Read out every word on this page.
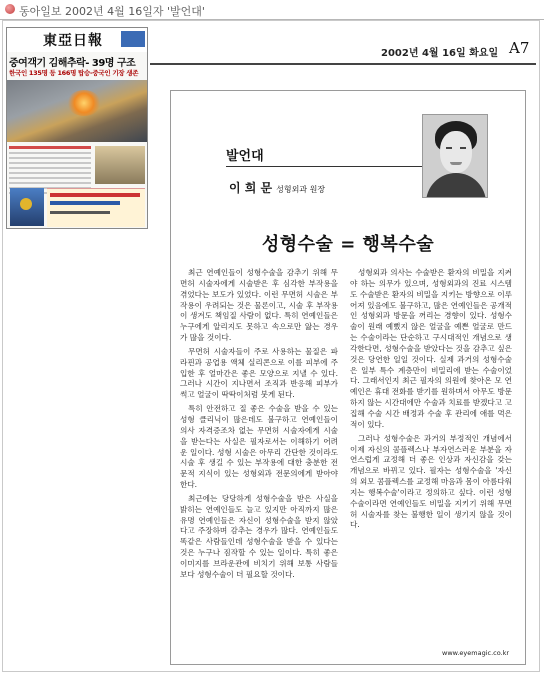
동아일보 2002년 4월 16일자 '발언대'
東亞日報
중여객기 김해추락- 39명 구조
한국인 135명 등 166명 탑승-중국인 기장 생존
2002년 4월 16일 화요일 A7
발언대
이 희 문 성형외과 원장
성형수술 = 행복수술

최근 연예인들이 성형수술을 감추기 위해 무면허 시술자에게 시술받은 후 심각한 부작용을 겪었다는 보도가 있었다. 이런 무면허 시술은 부작용이 우려되는 것은 물론이고, 시술 후 부작용이 생겨도 책임질 사람이 없다. 특히 연예인들은 누구에게 알리지도 못하고 속으로만 앓는 경우가 많을 것이다.

무면허 시술자들이 주로 사용하는 물질은 파라핀과 공업용 액체 실리콘으로 이를 피부에 주입한 후 얼마간은 좋은 모양으로 지낼 수 있다. 그러나 시간이 지나면서 조직과 반응해 피부가 썩고 얼굴이 딱딱이처럼 붓게 된다.

특히 안전하고 질 좋은 수술을 받을 수 있는 성형 클리닉이 많은데도 불구하고 연예인들이 의사 자격증조차 없는 무면허 시술자에게 시술을 받는다는 사실은 필자로서는 이해하기 어려운 일이다. 성형 시술은 아무리 간단한 것이라도 시술 후 생길 수 있는 부작용에 대한 충분한 전문적 지식이 있는 성형외과 전문의에게 받아야 한다.

최근에는 당당하게 성형수술을 받은 사실을 밝히는 연예인들도 늘고 있지만 아직까지 많은 유명 연예인들은 자신이 성형수술을 받지 않았다고 주장하며 감추는 경우가 많다. 연예인들도 똑같은 사람들인데 성형수술을 받을 수 있다는 것은 누구나 짐작할 수 있는 일이다. 특히 좋은 이미지를 브라운관에 비치기 위해 보통 사람들보다 성형수술이 더 필요할 것이다.

성형외과 의사는 수술받은 환자의 비밀을 지켜야 하는 의무가 있으며, 성형외과의 진료 시스템도 수술받은 환자의 비밀을 지키는 방향으로 이루어져 있음에도 불구하고, 많은 연예인들은 공개적인 성형외과 방문을 꺼리는 경향이 있다. 성형수술이 원래 예뻤지 않은 얼굴을 예쁜 얼굴로 만드는 수술이라는 단순하고 구시대적인 개념으로 생각한다면, 성형수술을 받았다는 것을 감추고 싶은 것은 당연한 일일 것이다. 실제 과거의 성형수술은 일부 특수 계층만이 비밀리에 받는 수술이었다. 그래서인지 최근 필자의 의원에 찾아온 모 연예인은 휴대 전화를 받기를 원하며서 아무도 방문하지 않는 시간대에만 수술과 치료를 받겠다고 고집해 수술 시간 배정과 수술 후 관리에 애를 먹은 적이 있다.

그러나 성형수술은 과거의 부정적인 개념에서 이제 자신의 콤플렉스나 부자연스러운 부분을 자연스럽게 교정해 더 좋은 인상과 자신감을 갖는 개념으로 바뀌고 있다. 필자는 성형수술을 '자신의 외모 콤플렉스를 교정해 마음과 몸이 아름다워지는 행복수술'이라고 정의하고 싶다. 이런 성형수술이라면 연예인들도 비밀을 지키기 위해 무면허 시술자를 찾는 불행한 일이 생기지 않을 것이다.

www.eyemagic.co.kr
